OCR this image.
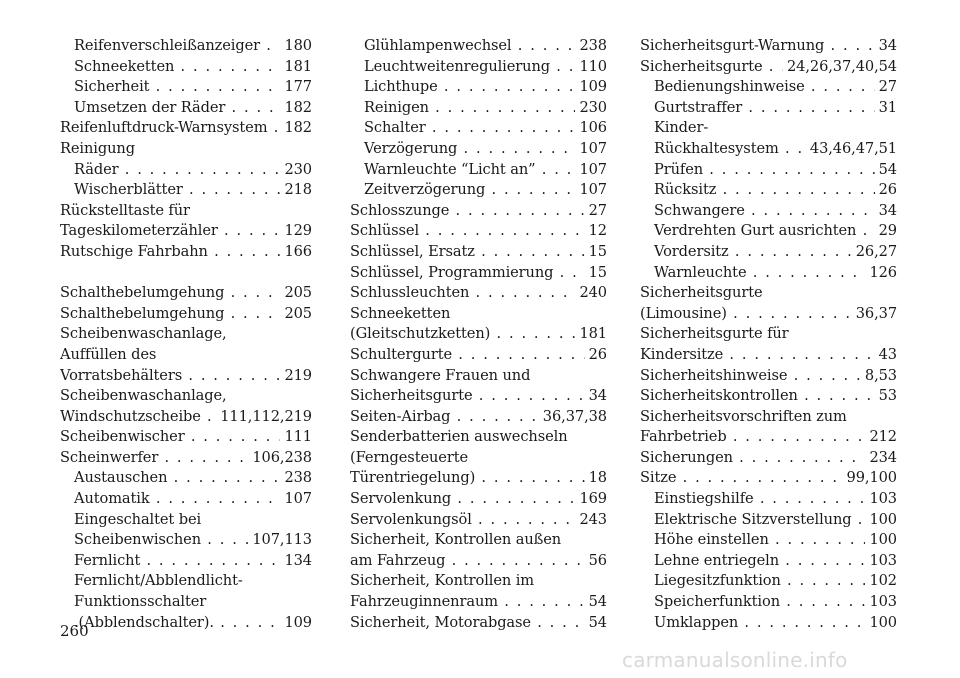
Reifenverschleißanzeiger . . . 180
Schneeketten . . .	181
Sicherheit . . .	177
Umsetzen der Räder . . .	182
Reifenluftdruck-Warnsystem . . . 182
Reinigung
Räder . . .	230
Wischerblätter . . .	218
Rückstelltaste für
Tageskilometerzähler . . .	129
Rutschige Fahrbahn . . .	166
Schalthebelumgehung . . .	205
Schalthebelumgehung . . .	205
Scheibenwaschanlage,
Auffüllen des
Vorratsbehälters . . .	219
Scheibenwaschanlage,
Windschutzscheibe . . . 111,112,219
Scheibenwischer . . .	111
Scheinwerfer . . .	106,238
Austauschen . . .	238
Automatik . . .	107
Eingeschaltet bei
Scheibenwischen . . .	107,113
Fernlicht . . .	134
Fernlicht/Abblendlicht-
Funktionsschalter
.(Abblendschalter). . . .	109
Glühlampenwechsel . . .	238
Leuchtweitenregulierung . . . 110
Lichthupe . . .	109
Reinigen . . .	230
Schalter . . .	106
Verzögerung . . .	107
Warnleuchte “Licht an” . . .	107
Zeitverzögerung . . .	107
Schlosszunge . . .	27
Schlüssel . . .	12
Schlüssel, Ersatz . . .	15
Schlüssel, Programmierung . . . 15
Schlussleuchten . . .	240
Schneeketten
(Gleitschutzketten) . . .	181
Schultergurte . . .	26
Schwangere Frauen und
Sicherheitsgurte . . .	34
Seiten-Airbag . . .	36,37,38
Senderbatterien auswechseln
(Ferngesteuerte
Türentriegelung) . . .	18
Servolenkung . . .	169
Servolenkungsöl . . .	243
Sicherheit, Kontrollen außen
am Fahrzeug . . .	56
Sicherheit, Kontrollen im
Fahrzeuginnenraum . . .	54
Sicherheit, Motorabgase . . .	54
Sicherheitsgurt-Warnung . . .	34
Sicherheitsgurte . . . 24,26,37,40,54
Bedienungshinweise . . .	27
Gurtstraffer . . .	31
Kinder-
Rückhaltesystem . . . 43,46,47,51
Prüfen . . .	54
Rücksitz . . .	26
Schwangere . . .	34
Verdrehten Gurt ausrichten . . . 29
Vordersitz . . .	26,27
Warnleuchte . . .	126
Sicherheitsgurte
(Limousine) . . .	36,37
Sicherheitsgurte für
Kindersitze . . .	43
Sicherheitshinweise . . .	8,53
Sicherheitskontrollen . . .	53
Sicherheitsvorschriften zum
Fahrbetrieb . . .	212
Sicherungen . . .	234
Sitze . . .	99,100
Einstiegshilfe . . .	103
Elektrische Sitzverstellung . . . 100
Höhe einstellen . . .	100
Lehne entriegeln . . .	103
Liegesitzfunktion . . .	102
Speicherfunktion . . .	103
Umklappen . . .	100
260
carmanualsonline.info
